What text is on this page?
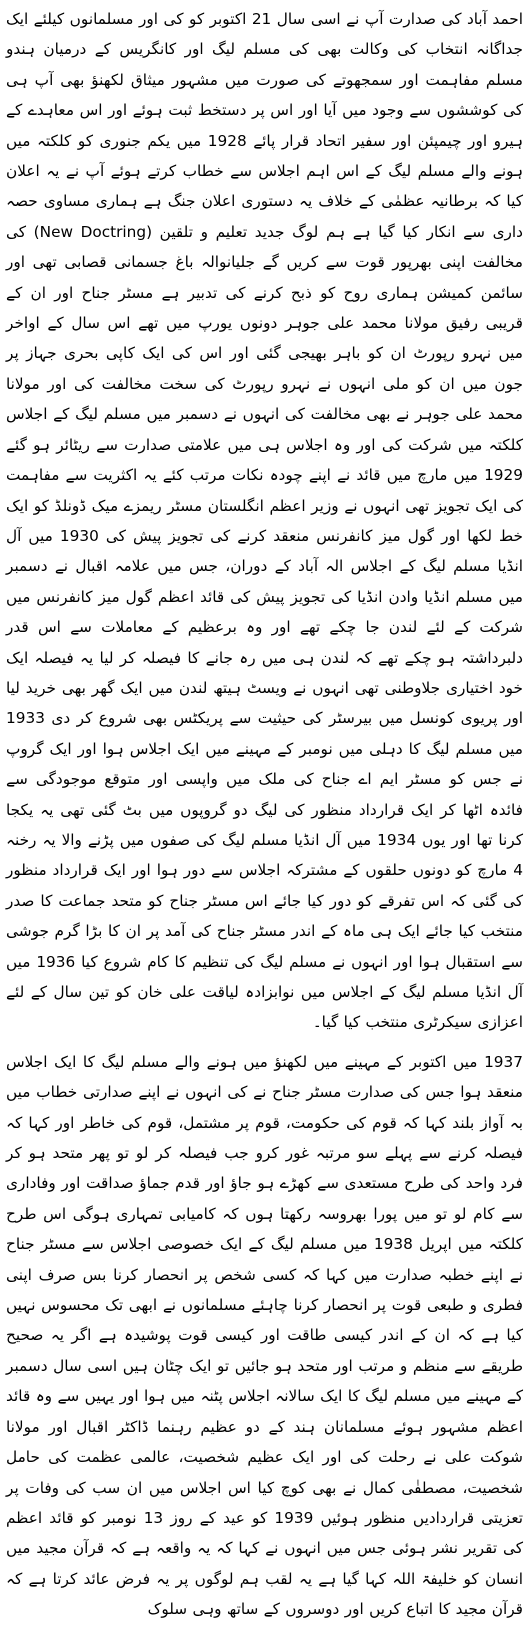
احمد آباد کی صدارت آپ نے اسی سال 21 اکتوبر کو کی اور مسلمانوں کیلئے ایک جداگانہ انتخاب کی وکالت بھی کی مسلم لیگ اور کانگریس کے درمیان ہندو مسلم مفاہمت اور سمجھوتے کی صورت میں مشہور میثاق لکھنؤ بھی آپ ہی کی کوششوں سے وجود میں آیا اور اس پر دستخط ثبت ہوئے اور اس معاہدے کے ہیرو اور چیمپئن اور سفیر اتحاد قرار پائے 1928 میں یکم جنوری کو کلکتہ میں ہونے والے مسلم لیگ کے اس اہم اجلاس سے خطاب کرتے ہوئے آپ نے یہ اعلان کیا کہ برطانیہ عظمٰی کے خلاف یہ دستوری اعلان جنگ ہے ہماری مساوی حصہ داری سے انکار کیا گیا ہے ہم لوگ جدید تعلیم و تلقین (New Doctring) کی مخالفت اپنی بھرپور قوت سے کریں گے جلیانوالہ باغ جسمانی قصابی تھی اور سائمن کمیشن ہماری روح کو ذبح کرنے کی تدبیر ہے مسٹر جناح اور ان کے قریبی رفیق مولانا محمد علی جوہر دونوں یورپ میں تھے اس سال کے اواخر میں نہرو رپورٹ ان کو باہر بھیجی گئی اور اس کی ایک کاپی بحری جہاز پر جون میں ان کو ملی انہوں نے نہرو رپورٹ کی سخت مخالفت کی اور مولانا محمد علی جوہر نے بھی مخالفت کی انہوں نے دسمبر میں مسلم لیگ کے اجلاس کلکتہ میں شرکت کی اور وہ اجلاس ہی میں علامتی صدارت سے ریٹائر ہو گئے 1929 میں مارچ میں قائد نے اپنے چودہ نکات مرتب کئے یہ اکثریت سے مفاہمت کی ایک تجویز تھی انہوں نے وزیر اعظم انگلستان مسٹر ریمزے میک ڈونلڈ کو ایک خط لکھا اور گول میز کانفرنس منعقد کرنے کی تجویز پیش کی 1930 میں آل انڈیا مسلم لیگ کے اجلاس الہ آباد کے دوران، جس میں علامہ اقبال نے دسمبر میں مسلم انڈیا وادن انڈیا کی تجویز پیش کی قائد اعظم گول میز کانفرنس میں شرکت کے لئے لندن جا چکے تھے اور وہ برعظیم کے معاملات سے اس قدر دلبرداشتہ ہو چکے تھے کہ لندن ہی میں رہ جانے کا فیصلہ کر لیا یہ فیصلہ ایک خود اختیاری جلاوطنی تھی انہوں نے ویسٹ ہیتھ لندن میں ایک گھر بھی خرید لیا اور پریوی کونسل میں بیرسٹر کی حیثیت سے پریکٹس بھی شروع کر دی 1933 میں مسلم لیگ کا دہلی میں نومبر کے مہینے میں ایک اجلاس ہوا اور ایک گروپ نے جس کو مسٹر ایم اے جناح کی ملک میں واپسی اور متوقع موجودگی سے فائدہ اٹھا کر ایک قرارداد منظور کی لیگ دو گروپوں میں بٹ گئی تھی یہ یکجا کرنا تھا اور یوں 1934 میں آل انڈیا مسلم لیگ کی صفوں میں پڑنے والا یہ رخنہ 4 مارچ کو دونوں حلقوں کے مشترکہ اجلاس سے دور ہوا اور ایک قرارداد منظور کی گئی کہ اس تفرقے کو دور کیا جائے اس مسٹر جناح کو متحد جماعت کا صدر منتخب کیا جائے ایک ہی ماہ کے اندر مسٹر جناح کی آمد پر ان کا بڑا گرم جوشی سے استقبال ہوا اور انہوں نے مسلم لیگ کی تنظیم کا کام شروع کیا 1936 میں آل انڈیا مسلم لیگ کے اجلاس میں نوابزادہ لیاقت علی خان کو تین سال کے لئے اعزازی سیکرٹری منتخب کیا گیا۔

1937 میں اکتوبر کے مہینے میں لکھنؤ میں ہونے والے مسلم لیگ کا ایک اجلاس منعقد ہوا جس کی صدارت مسٹر جناح نے کی انہوں نے اپنے صدارتی خطاب میں بہ آواز بلند کہا کہ قوم کی حکومت، قوم پر مشتمل، قوم کی خاطر اور کہا کہ فیصلہ کرنے سے پہلے سو مرتبہ غور کرو جب فیصلہ کر لو تو پھر متحد ہو کر فرد واحد کی طرح مستعدی سے کھڑے ہو جاؤ اور قدم جماؤ صداقت اور وفاداری سے کام لو تو میں پورا بھروسہ رکھتا ہوں کہ کامیابی تمہاری ہوگی اس طرح کلکتہ میں اپریل 1938 میں مسلم لیگ کے ایک خصوصی اجلاس سے مسٹر جناح نے اپنے خطبہ صدارت میں کہا کہ کسی شخص پر انحصار کرنا بس صرف اپنی فطری و طبعی قوت پر انحصار کرنا چاہئے مسلمانوں نے ابھی تک محسوس نہیں کیا ہے کہ ان کے اندر کیسی طاقت اور کیسی قوت پوشیدہ ہے اگر یہ صحیح طریقے سے منظم و مرتب اور متحد ہو جائیں تو ایک چٹان ہیں اسی سال دسمبر کے مہینے میں مسلم لیگ کا ایک سالانہ اجلاس پٹنہ میں ہوا اور یہیں سے وہ قائد اعظم مشہور ہوئے مسلمانان ہند کے دو عظیم رہنما ڈاکٹر اقبال اور مولانا شوکت علی نے رحلت کی اور ایک عظیم شخصیت، عالمی عظمت کی حامل شخصیت، مصطفٰی کمال نے بھی کوچ کیا اس اجلاس میں ان سب کی وفات پر تعزیتی قراردادیں منظور ہوئیں 1939 کو عید کے روز 13 نومبر کو قائد اعظم کی تقریر نشر ہوئی جس میں انہوں نے کہا کہ یہ واقعہ ہے کہ قرآن مجید میں انسان کو خلیفۃ اللہ کہا گیا ہے یہ لقب ہم لوگوں پر یہ فرض عائد کرتا ہے کہ قرآن مجید کا اتباع کریں اور دوسروں کے ساتھ وہی سلوک
